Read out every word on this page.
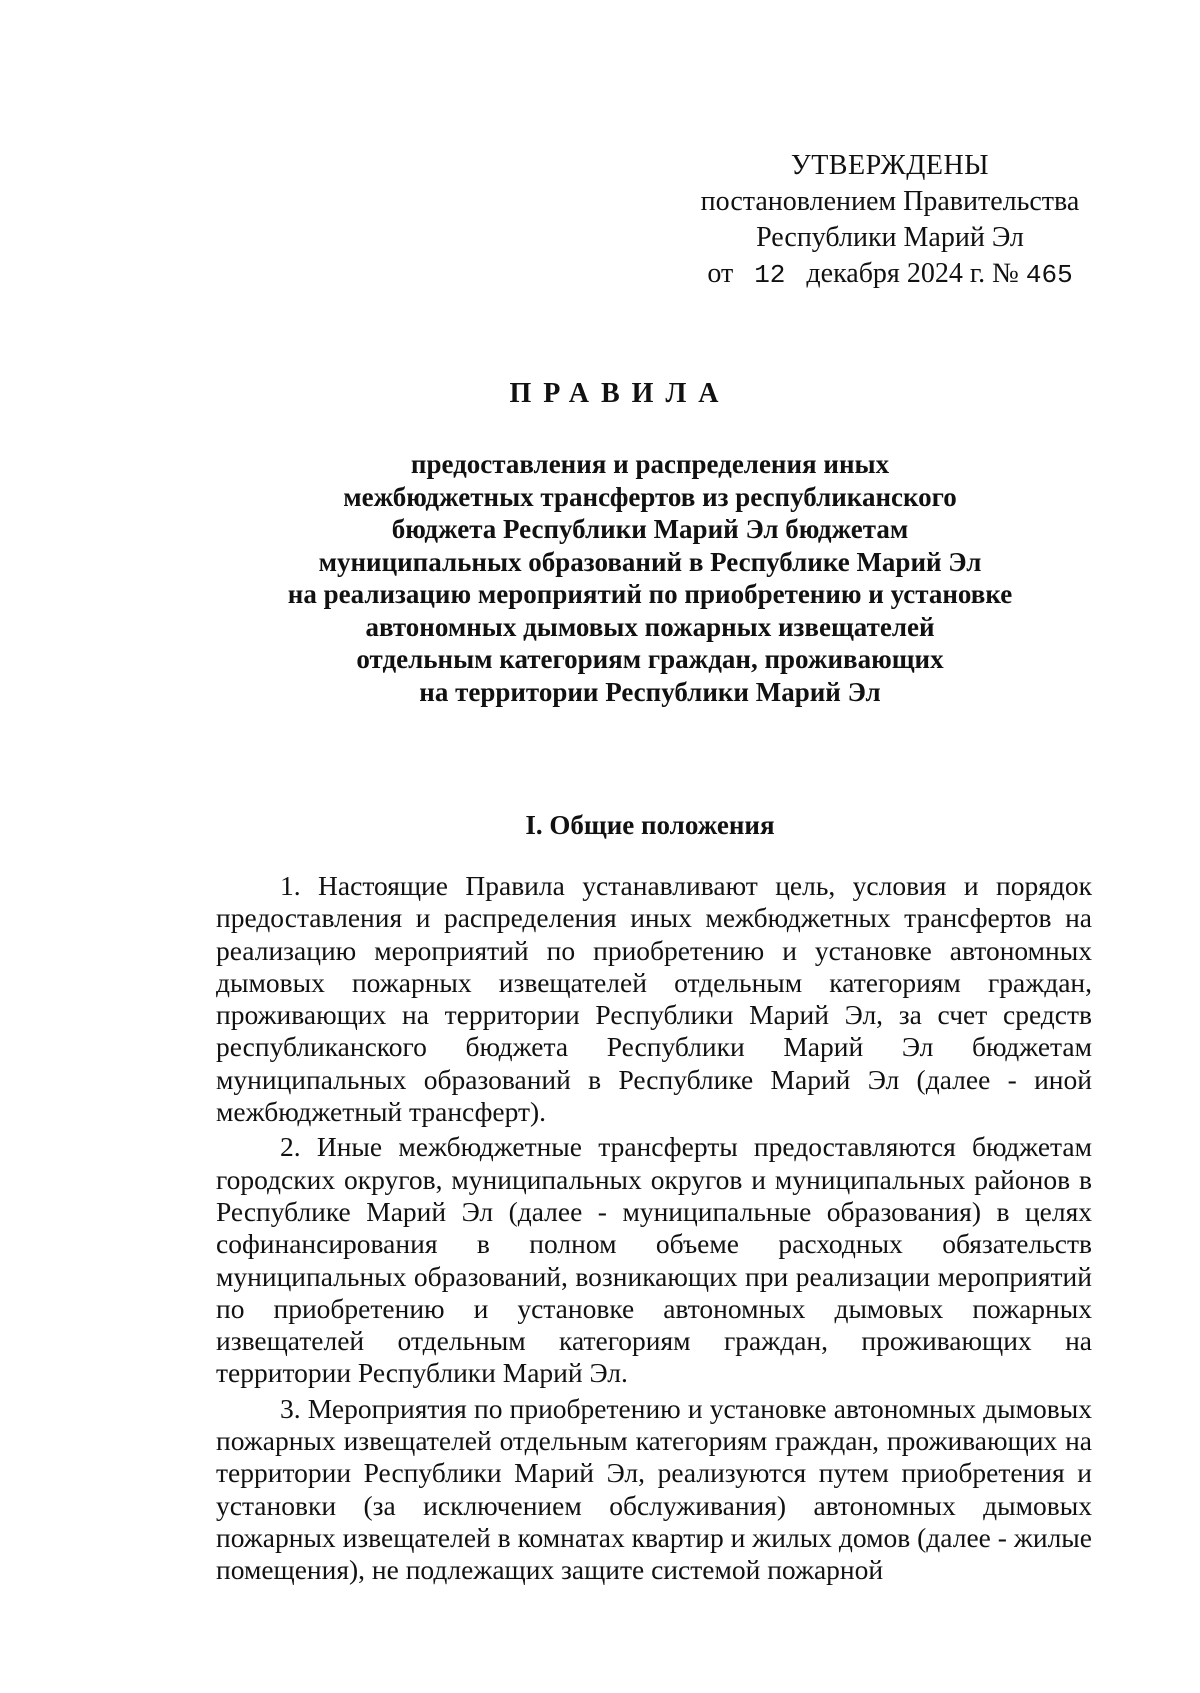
УТВЕРЖДЕНЫ
постановлением Правительства
Республики Марий Эл
от 12 декабря 2024 г. № 465
ПРАВИЛА
предоставления и распределения иных
межбюджетных трансфертов из республиканского
бюджета Республики Марий Эл бюджетам
муниципальных образований в Республике Марий Эл
на реализацию мероприятий по приобретению и установке
автономных дымовых пожарных извещателей
отдельным категориям граждан, проживающих
на территории Республики Марий Эл
I. Общие положения

1. Настоящие Правила устанавливают цель, условия и порядок предоставления и распределения иных межбюджетных трансфертов на реализацию мероприятий по приобретению и установке автономных дымовых пожарных извещателей отдельным категориям граждан, проживающих на территории Республики Марий Эл, за счет средств республиканского бюджета Республики Марий Эл бюджетам муниципальных образований в Республике Марий Эл (далее - иной межбюджетный трансферт).

2. Иные межбюджетные трансферты предоставляются бюджетам городских округов, муниципальных округов и муниципальных районов в Республике Марий Эл (далее - муниципальные образования) в целях софинансирования в полном объеме расходных обязательств муниципальных образований, возникающих при реализации мероприятий по приобретению и установке автономных дымовых пожарных извещателей отдельным категориям граждан, проживающих на территории Республики Марий Эл.

3. Мероприятия по приобретению и установке автономных дымовых пожарных извещателей отдельным категориям граждан, проживающих на территории Республики Марий Эл, реализуются путем приобретения и установки (за исключением обслуживания) автономных дымовых пожарных извещателей в комнатах квартир и жилых домов (далее - жилые помещения), не подлежащих защите системой пожарной
